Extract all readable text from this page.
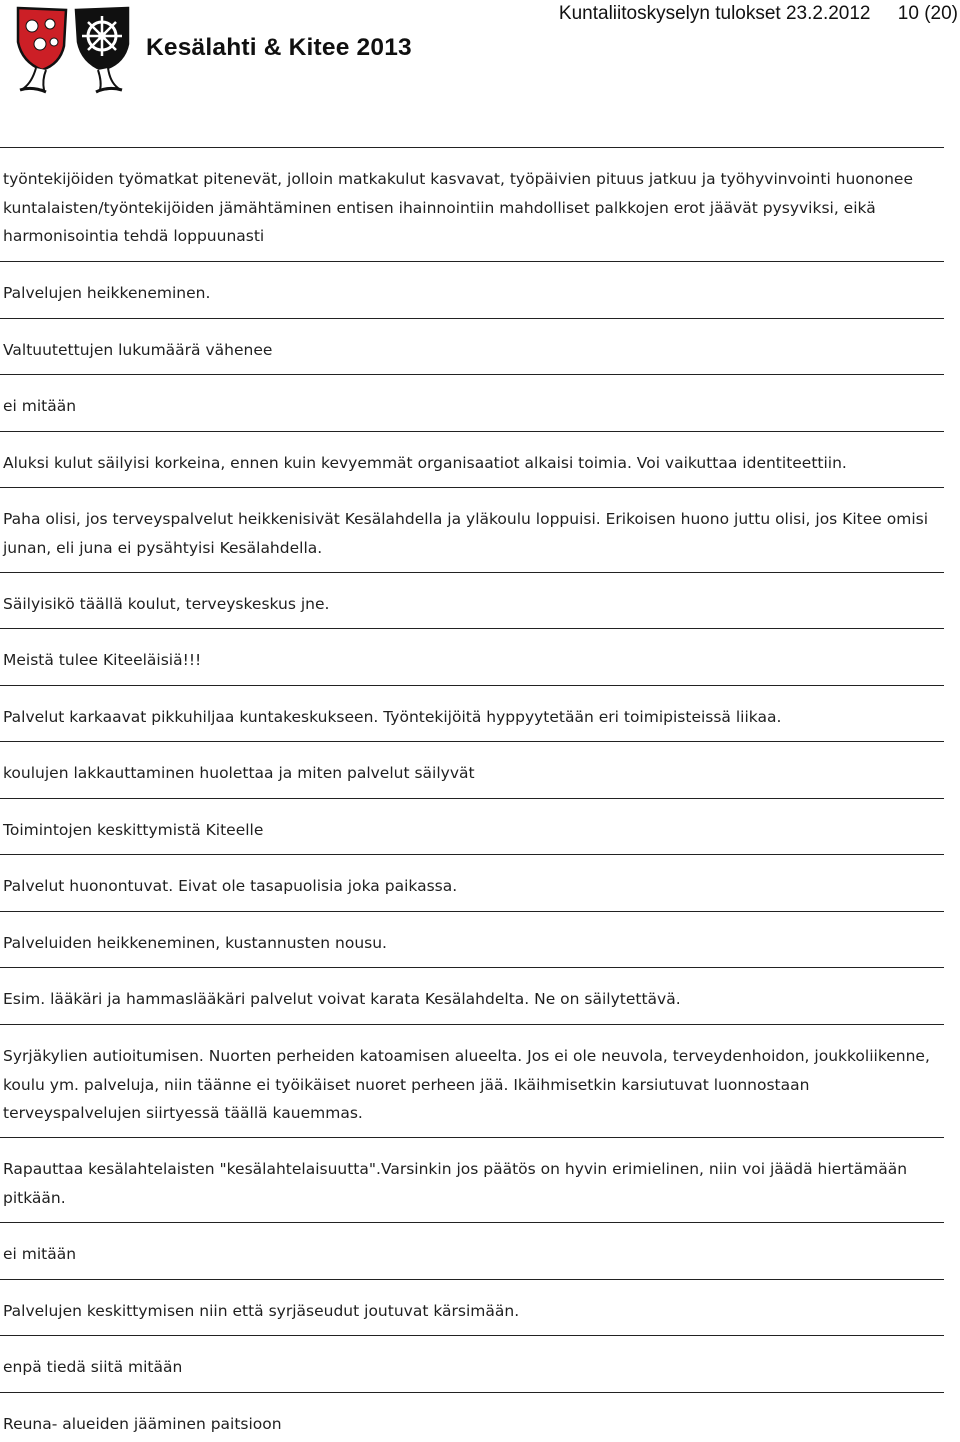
Kesälahti & Kitee 2013
Kuntaliitoskyselyn tulokset 23.2.2012 10 (20)

työntekijöiden työmatkat pitenevät, jolloin matkakulut kasvavat, työpäivien pituus jatkuu ja työhyvinvointi huononee kuntalaisten/työntekijöiden jämähtäminen entisen ihainnointiin mahdolliset palkkojen erot jäävät pysyviksi, eikä harmonisointia tehdä loppuunasti

Palvelujen heikkeneminen.

Valtuutettujen lukumäärä vähenee

ei mitään

Aluksi kulut säilyisi korkeina, ennen kuin kevyemmät organisaatiot alkaisi toimia. Voi vaikuttaa identiteettiin.

Paha olisi, jos terveyspalvelut heikkenisivät Kesälahdella ja yläkoulu loppuisi. Erikoisen huono juttu olisi, jos Kitee omisi junan, eli juna ei pysähtyisi Kesälahdella.

Säilyisikö täällä koulut, terveyskeskus jne.

Meistä tulee Kiteeläisiä!!!

Palvelut karkaavat pikkuhiljaa kuntakeskukseen. Työntekijöitä hyppyytetään eri toimipisteissä liikaa.

koulujen lakkauttaminen huolettaa ja miten palvelut säilyvät

Toimintojen keskittymistä Kiteelle

Palvelut huonontuvat. Eivat ole tasapuolisia joka paikassa.

Palveluiden heikkeneminen, kustannusten nousu.

Esim. lääkäri ja hammaslääkäri palvelut voivat karata Kesälahdelta. Ne on säilytettävä.

Syrjäkylien autioitumisen. Nuorten perheiden katoamisen alueelta. Jos ei ole neuvola, terveydenhoidon, joukkoliikenne, koulu ym. palveluja, niin täänne ei työikäiset nuoret perheen jää. Ikäihmisetkin karsiutuvat luonnostaan terveyspalvelujen siirtyessä täällä kauemmas.

Rapauttaa kesälahtelaisten "kesälahtelaisuutta".Varsinkin jos päätös on hyvin erimielinen, niin voi jäädä hiertämään pitkään.

ei mitään

Palvelujen keskittymisen niin että syrjäseudut joutuvat kärsimään.

enpä tiedä siitä mitään

Reuna- alueiden jääminen paitsioon
